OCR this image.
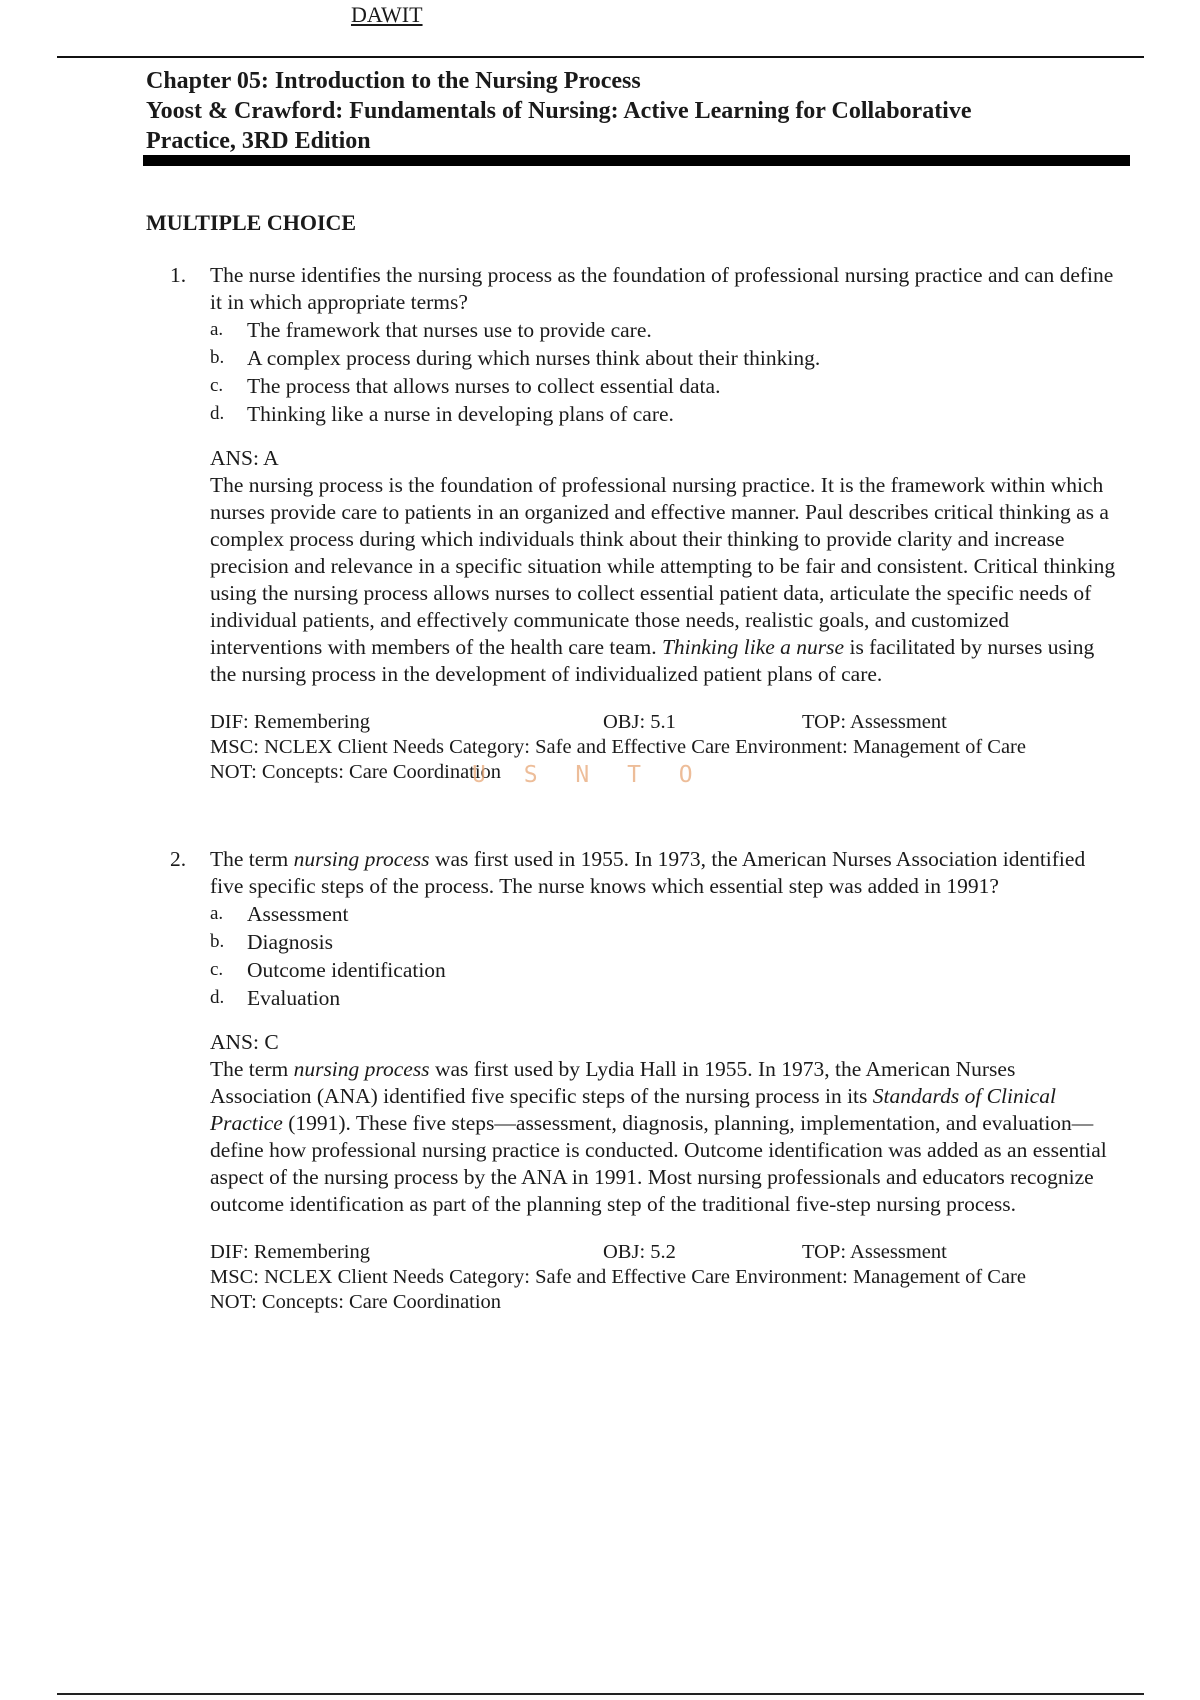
DAWIT
Chapter 05: Introduction to the Nursing Process
Yoost & Crawford: Fundamentals of Nursing: Active Learning for Collaborative
Practice, 3RD Edition
MULTIPLE CHOICE
1. The nurse identifies the nursing process as the foundation of professional nursing practice and can define it in which appropriate terms?

a. The framework that nurses use to provide care.
b. A complex process during which nurses think about their thinking.
c. The process that allows nurses to collect essential data.
d. Thinking like a nurse in developing plans of care.
ANS: A

The nursing process is the foundation of professional nursing practice. It is the framework within which nurses provide care to patients in an organized and effective manner. Paul describes critical thinking as a complex process during which individuals think about their thinking to provide clarity and increase precision and relevance in a specific situation while attempting to be fair and consistent. Critical thinking using the nursing process allows nurses to collect essential patient data, articulate the specific needs of individual patients, and effectively communicate those needs, realistic goals, and customized interventions with members of the health care team. Thinking like a nurse is facilitated by nurses using the nursing process in the development of individualized patient plans of care.

DIF: Remembering	OBJ: 5.1	TOP: Assessment
MSC: NCLEX Client Needs Category: Safe and Effective Care Environment: Management of Care
NOT: Concepts: Care Coordination
U S N T O
2. The term nursing process was first used in 1955. In 1973, the American Nurses Association identified five specific steps of the process. The nurse knows which essential step was added in 1991?

a. Assessment
b. Diagnosis
c. Outcome identification
d. Evaluation
ANS: C

The term nursing process was first used by Lydia Hall in 1955. In 1973, the American Nurses Association (ANA) identified five specific steps of the nursing process in its Standards of Clinical Practice (1991). These five steps—assessment, diagnosis, planning, implementation, and evaluation—define how professional nursing practice is conducted. Outcome identification was added as an essential aspect of the nursing process by the ANA in 1991. Most nursing professionals and educators recognize outcome identification as part of the planning step of the traditional five-step nursing process.

DIF: Remembering	OBJ: 5.2	TOP: Assessment
MSC: NCLEX Client Needs Category: Safe and Effective Care Environment: Management of Care
NOT: Concepts: Care Coordination
